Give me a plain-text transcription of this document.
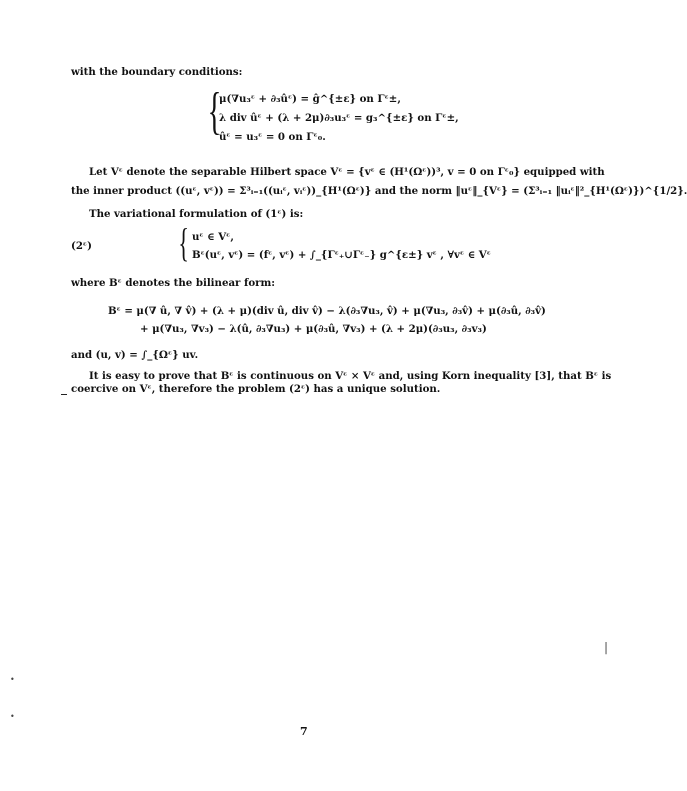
with the boundary conditions:
{
μ(∇u₃ᵋ + ∂₃ûᵋ) = ĝ^{±ε} on Γᵋ±,
λ div ûᵋ + (λ + 2μ)∂₃u₃ᵋ = g₃^{±ε} on Γᵋ±,
ûᵋ = u₃ᵋ = 0 on Γᵋ₀.
Let Vᵋ denote the separable Hilbert space Vᵋ = {vᵋ ∈ (H¹(Ωᵋ))³, v = 0 on Γᵋ₀} equipped with
the inner product ((uᵋ, vᵋ)) = Σ³ᵢ₌₁((uᵢᵋ, vᵢᵋ))_{H¹(Ωᵋ)} and the norm ‖uᵋ‖_{Vᵋ} = (Σ³ᵢ₌₁ ‖uᵢᵋ‖²_{H¹(Ωᵋ)})^{1/2}.
The variational formulation of (1ᵋ) is:
(2ᵋ) { uᵋ ∈ Vᵋ,
Bᵋ(uᵋ, vᵋ) = (fᵋ, vᵋ) + ∫_{Γᵋ₊∪Γᵋ₋} g^{ε±} vᵋ , ∀vᵋ ∈ Vᵋ
where Bᵋ denotes the bilinear form:
Bᵋ = μ(∇ û, ∇ v̂) + (λ + μ)(div û, div v̂) − λ(∂₃∇u₃, v̂) + μ(∇u₃, ∂₃v̂) + μ(∂₃û, ∂₃v̂)
+ μ(∇u₃, ∇v₃) − λ(û, ∂₃∇u₃) + μ(∂₃û, ∇v₃) + (λ + 2μ)(∂₃u₃, ∂₃v₃)
and (u, v) = ∫_{Ωᵋ} uv.
It is easy to prove that Bᵋ is continuous on Vᵋ × Vᵋ and, using Korn inequality [3], that Bᵋ is
coercive on Vᵋ, therefore the problem (2ᵋ) has a unique solution.
•
•
|
7
